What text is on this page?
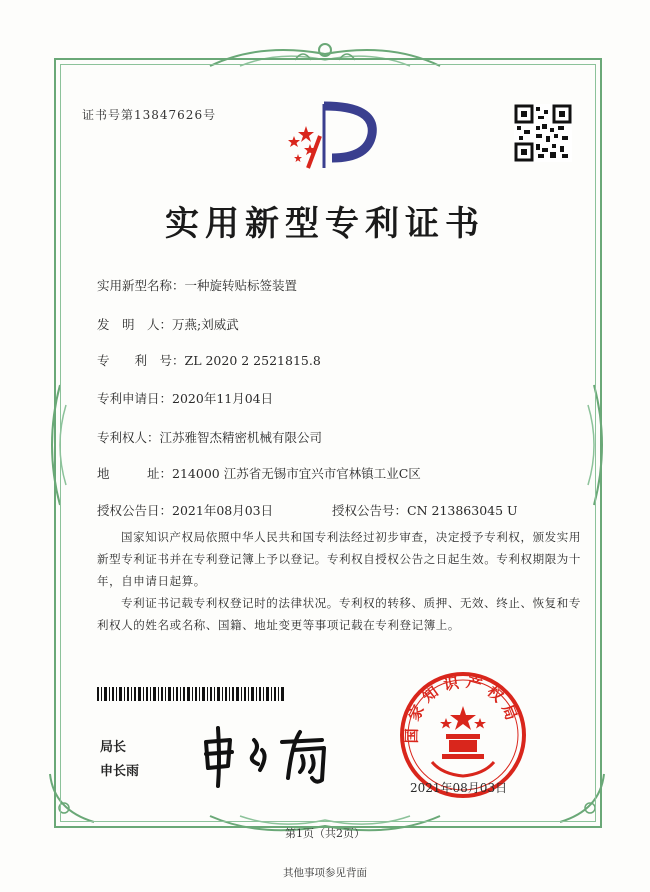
证书号第13847626号
实用新型专利证书
实用新型名称：一种旋转贴标签装置
发　明　人：万燕;刘威武
专　　利　号：ZL 2020 2 2521815.8
专利申请日：2020年11月04日
专利权人：江苏雅智杰精密机械有限公司
地　　　址：214000 江苏省无锡市宜兴市官林镇工业C区
授权公告日：2021年08月03日	授权公告号：CN 213863045 U
国家知识产权局依照中华人民共和国专利法经过初步审查，决定授予专利权，颁发实用新型专利证书并在专利登记簿上予以登记。专利权自授权公告之日起生效。专利权期限为十年，自申请日起算。
专利证书记载专利权登记时的法律状况。专利权的转移、质押、无效、终止、恢复和专利权人的姓名或名称、国籍、地址变更等事项记载在专利登记簿上。
局长
申长雨
国家知识产权局
2021年08月03日
第1页（共2页）
其他事项参见背面
